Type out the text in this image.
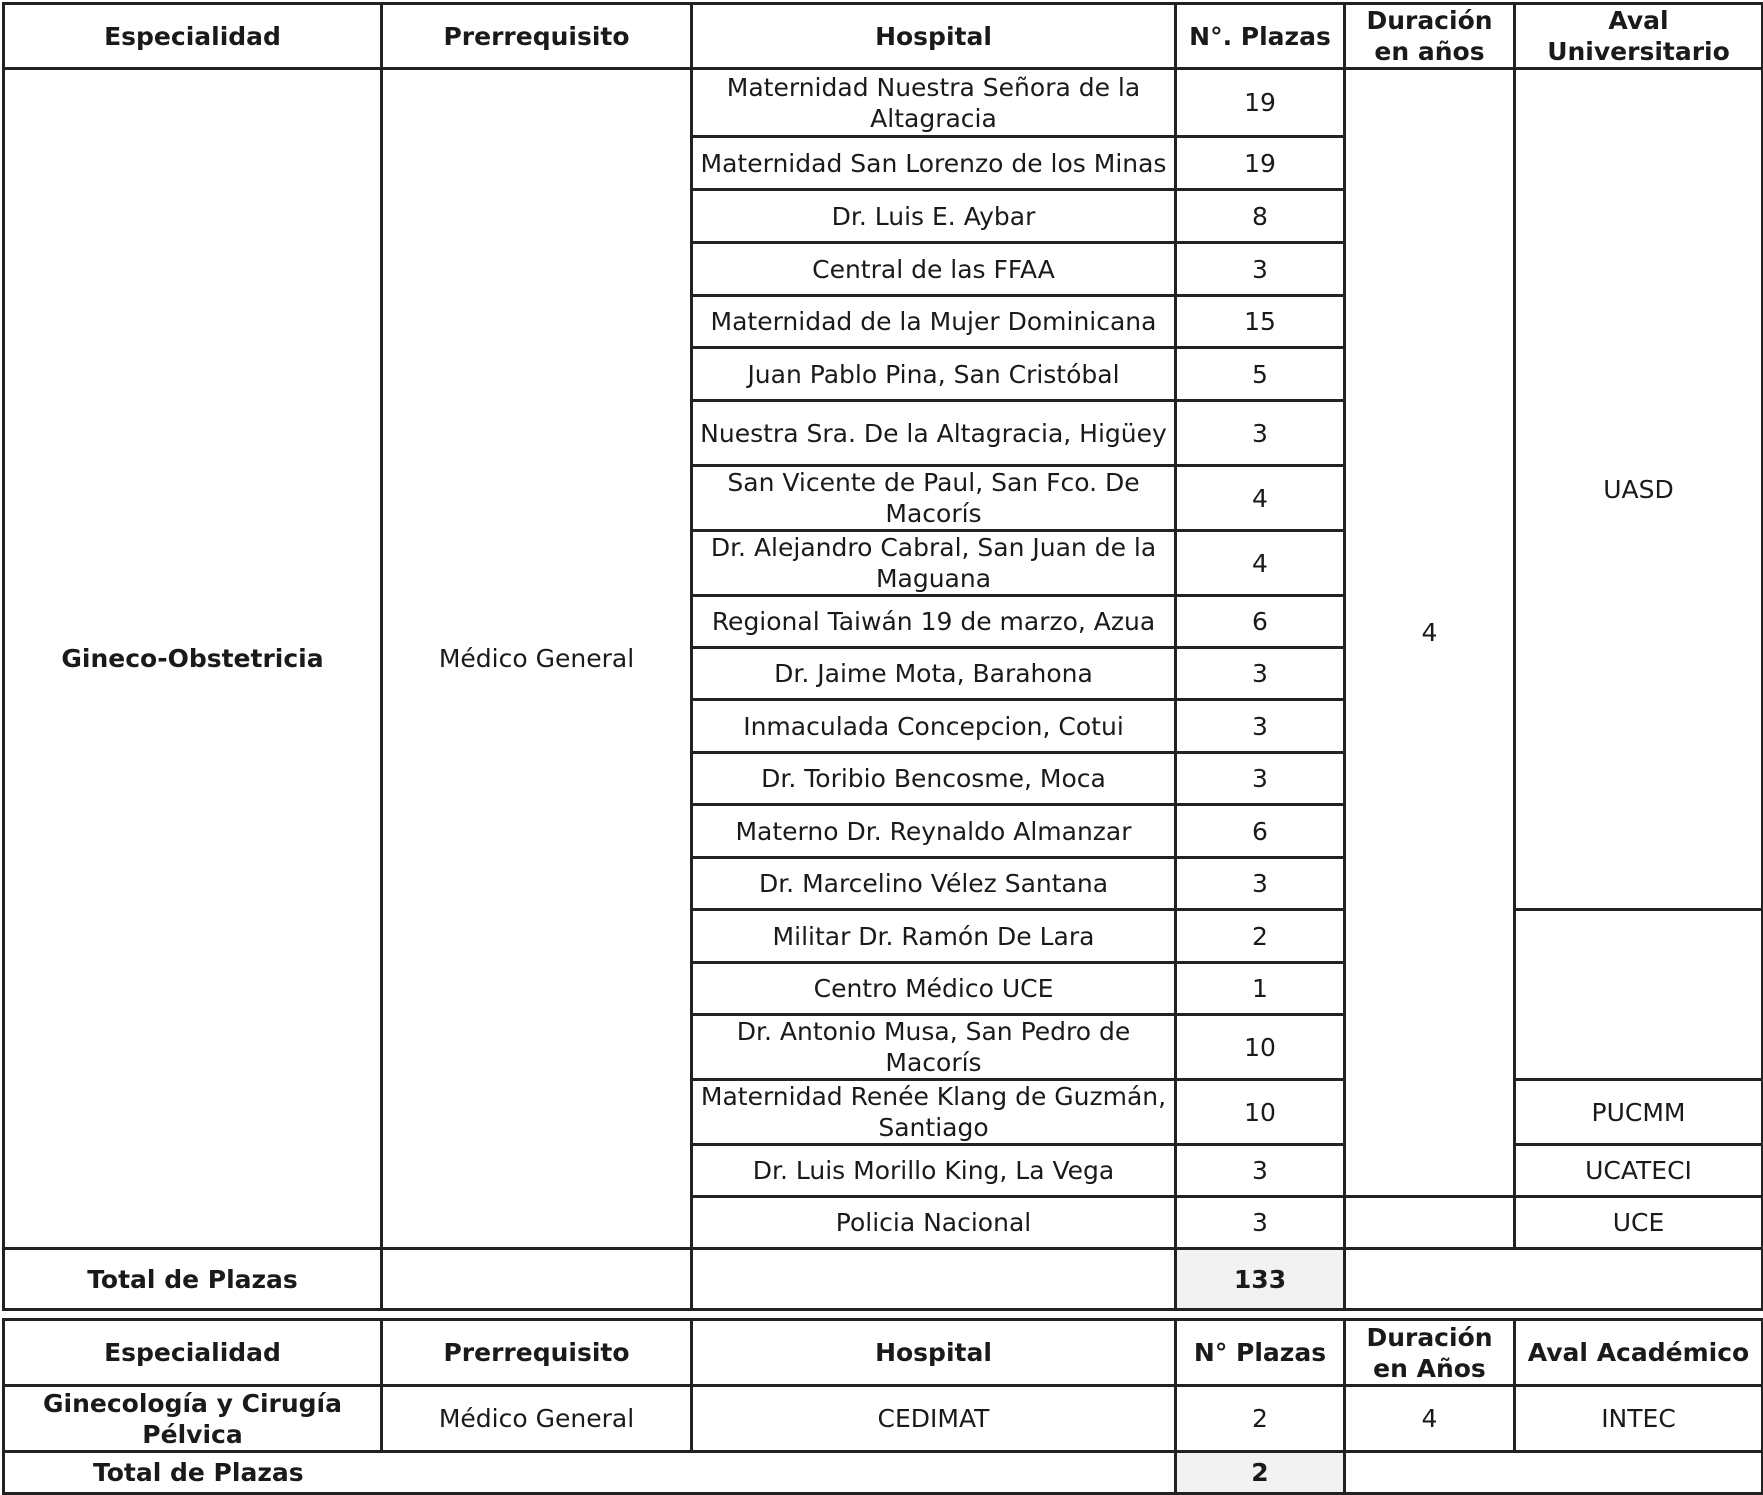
Especialidad	Prerrequisito	Hospital	N°. Plazas	Duración en años	Aval Universitario
Gineco-Obstetricia	Médico General	Maternidad Nuestra Señora de la Altagracia	19	4	UASD
		Maternidad San Lorenzo de los Minas	19		
		Dr. Luis E. Aybar	8		
		Central de las FFAA	3		
		Maternidad de la Mujer Dominicana	15		
		Juan Pablo Pina, San Cristóbal	5		
		Nuestra Sra. De la Altagracia, Higüey	3		
		San Vicente de Paul, San Fco. De Macorís	4		
		Dr. Alejandro Cabral, San Juan de la Maguana	4		
		Regional Taiwán 19 de marzo, Azua	6		
		Dr. Jaime Mota, Barahona	3		
		Inmaculada Concepcion, Cotui	3		
		Dr. Toribio Bencosme, Moca	3		
		Materno Dr. Reynaldo Almanzar	6		
		Dr. Marcelino Vélez Santana	3		
		Militar Dr. Ramón De Lara	2		
		Centro Médico UCE	1		
		Dr. Antonio Musa, San Pedro de Macorís	10		
		Maternidad Renée Klang de Guzmán, Santiago	10		PUCMM
		Dr. Luis Morillo King, La Vega	3		UCATECI
		Policia Nacional	3		UCE
Total de Plazas			133		
Especialidad	Prerrequisito	Hospital	N° Plazas	Duración en Años	Aval Académico
Ginecología y Cirugía Pélvica	Médico General	CEDIMAT	2	4	INTEC
Total de Plazas			2		
